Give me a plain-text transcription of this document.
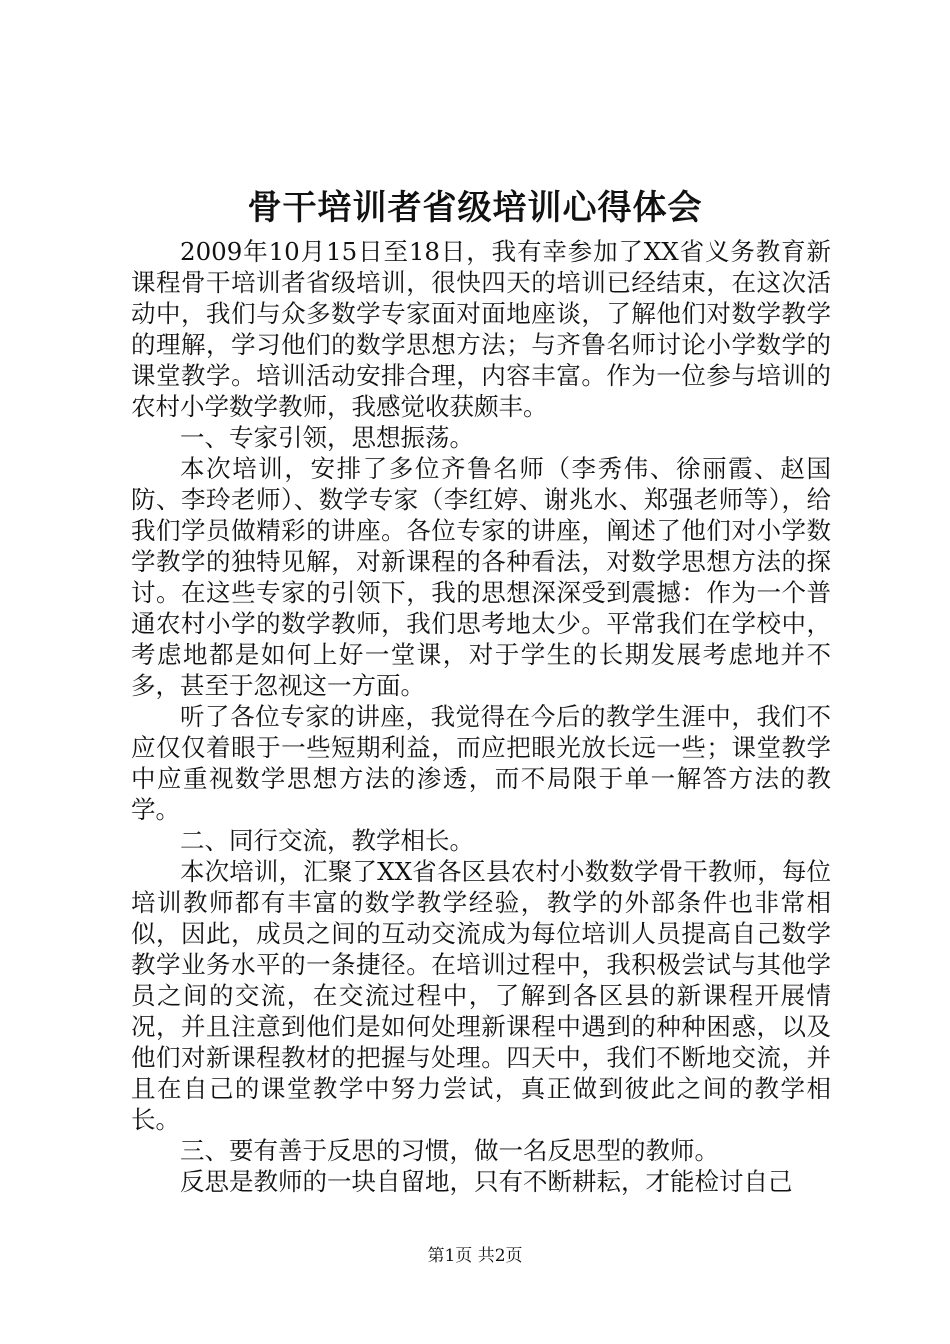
骨干培训者省级培训心得体会

2009年10月15日至18日，我有幸参加了XX省义务教育新课程骨干培训者省级培训，很快四天的培训已经结束，在这次活动中，我们与众多数学专家面对面地座谈，了解他们对数学教学的理解，学习他们的数学思想方法；与齐鲁名师讨论小学数学的课堂教学。培训活动安排合理，内容丰富。作为一位参与培训的农村小学数学教师，我感觉收获颇丰。

一、专家引领，思想振荡。

本次培训，安排了多位齐鲁名师（李秀伟、徐丽霞、赵国防、李玲老师）、数学专家（李红婷、谢兆水、郑强老师等），给我们学员做精彩的讲座。各位专家的讲座，阐述了他们对小学数学教学的独特见解，对新课程的各种看法，对数学思想方法的探讨。在这些专家的引领下，我的思想深深受到震撼：作为一个普通农村小学的数学教师，我们思考地太少。平常我们在学校中，考虑地都是如何上好一堂课，对于学生的长期发展考虑地并不多，甚至于忽视这一方面。

听了各位专家的讲座，我觉得在今后的教学生涯中，我们不应仅仅着眼于一些短期利益，而应把眼光放长远一些；课堂教学中应重视数学思想方法的渗透，而不局限于单一解答方法的教学。

二、同行交流，教学相长。

本次培训，汇聚了XX省各区县农村小数数学骨干教师，每位培训教师都有丰富的数学教学经验，教学的外部条件也非常相似，因此，成员之间的互动交流成为每位培训人员提高自己数学教学业务水平的一条捷径。在培训过程中，我积极尝试与其他学员之间的交流，在交流过程中，了解到各区县的新课程开展情况，并且注意到他们是如何处理新课程中遇到的种种困惑，以及他们对新课程教材的把握与处理。四天中，我们不断地交流，并且在自己的课堂教学中努力尝试，真正做到彼此之间的教学相长。

三、要有善于反思的习惯，做一名反思型的教师。

反思是教师的一块自留地，只有不断耕耘，才能检讨自己

第1页 共2页
